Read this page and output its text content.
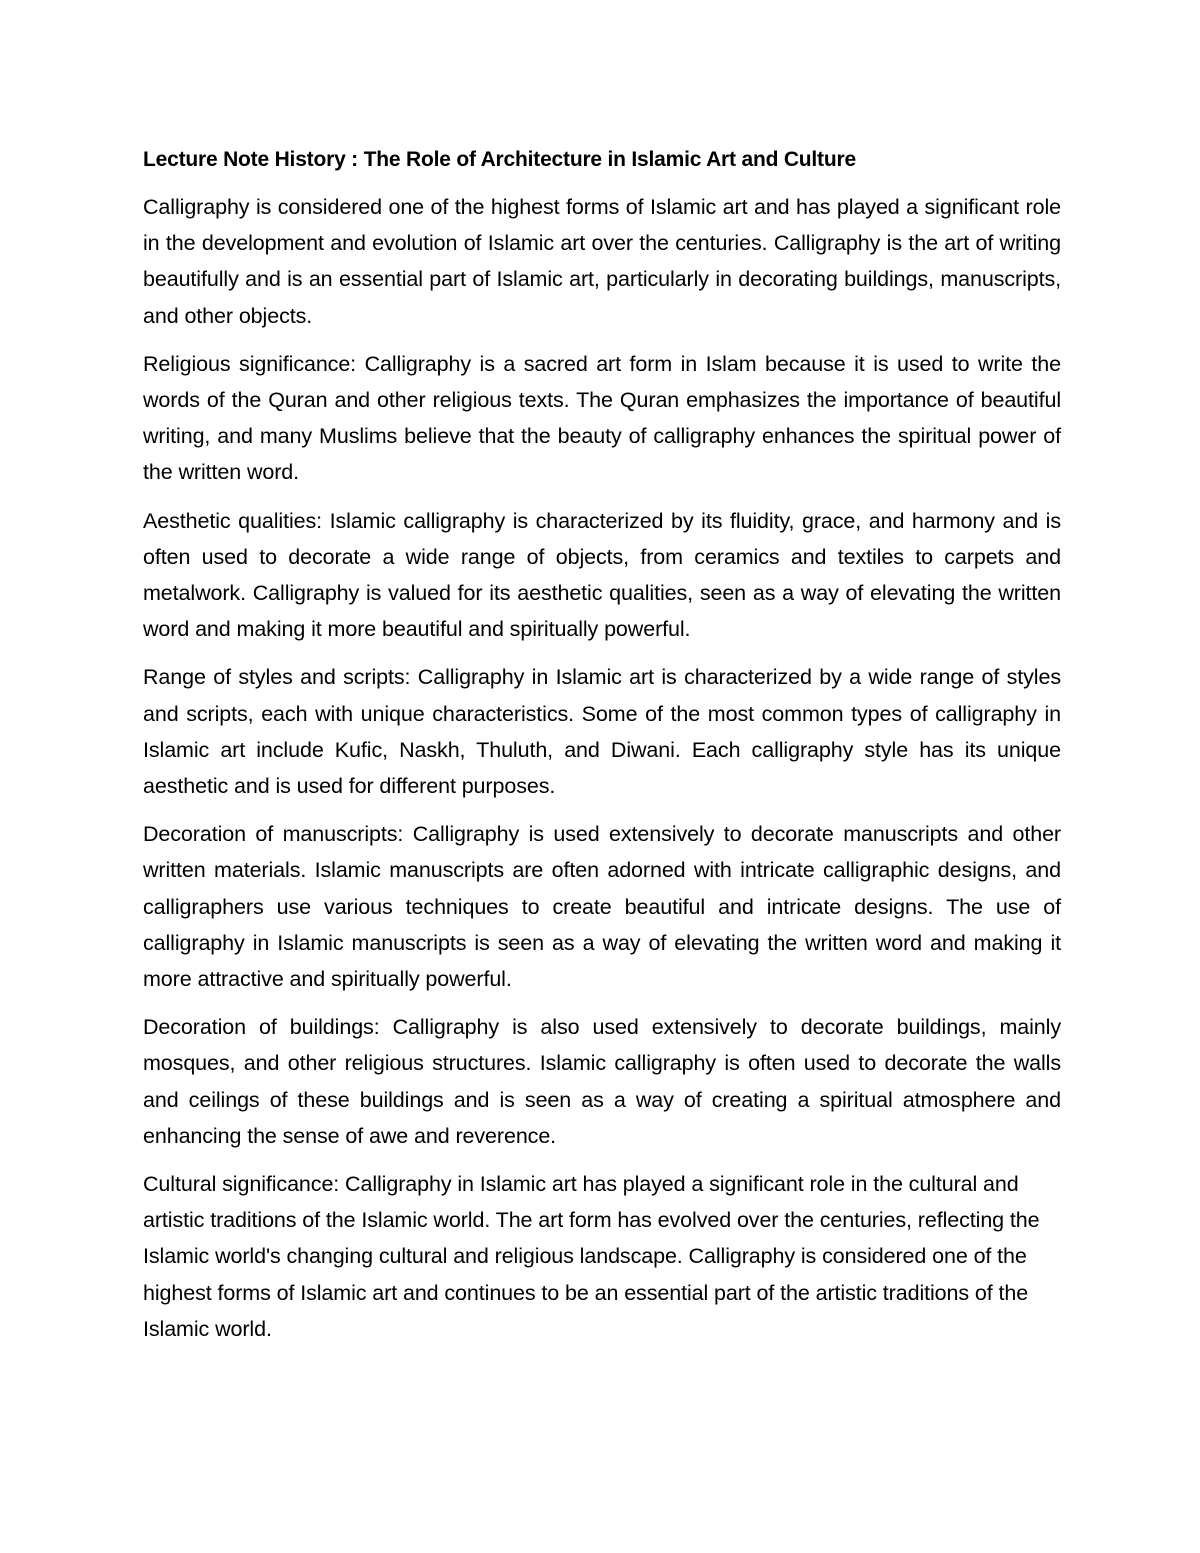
Lecture Note History : The Role of Architecture in Islamic Art and Culture

Calligraphy is considered one of the highest forms of Islamic art and has played a significant role in the development and evolution of Islamic art over the centuries. Calligraphy is the art of writing beautifully and is an essential part of Islamic art, particularly in decorating buildings, manuscripts, and other objects.

Religious significance: Calligraphy is a sacred art form in Islam because it is used to write the words of the Quran and other religious texts. The Quran emphasizes the importance of beautiful writing, and many Muslims believe that the beauty of calligraphy enhances the spiritual power of the written word.

Aesthetic qualities: Islamic calligraphy is characterized by its fluidity, grace, and harmony and is often used to decorate a wide range of objects, from ceramics and textiles to carpets and metalwork. Calligraphy is valued for its aesthetic qualities, seen as a way of elevating the written word and making it more beautiful and spiritually powerful.

Range of styles and scripts: Calligraphy in Islamic art is characterized by a wide range of styles and scripts, each with unique characteristics. Some of the most common types of calligraphy in Islamic art include Kufic, Naskh, Thuluth, and Diwani. Each calligraphy style has its unique aesthetic and is used for different purposes.

Decoration of manuscripts: Calligraphy is used extensively to decorate manuscripts and other written materials. Islamic manuscripts are often adorned with intricate calligraphic designs, and calligraphers use various techniques to create beautiful and intricate designs. The use of calligraphy in Islamic manuscripts is seen as a way of elevating the written word and making it more attractive and spiritually powerful.

Decoration of buildings: Calligraphy is also used extensively to decorate buildings, mainly mosques, and other religious structures. Islamic calligraphy is often used to decorate the walls and ceilings of these buildings and is seen as a way of creating a spiritual atmosphere and enhancing the sense of awe and reverence.

Cultural significance: Calligraphy in Islamic art has played a significant role in the cultural and artistic traditions of the Islamic world. The art form has evolved over the centuries, reflecting the Islamic world's changing cultural and religious landscape. Calligraphy is considered one of the highest forms of Islamic art and continues to be an essential part of the artistic traditions of the Islamic world.
